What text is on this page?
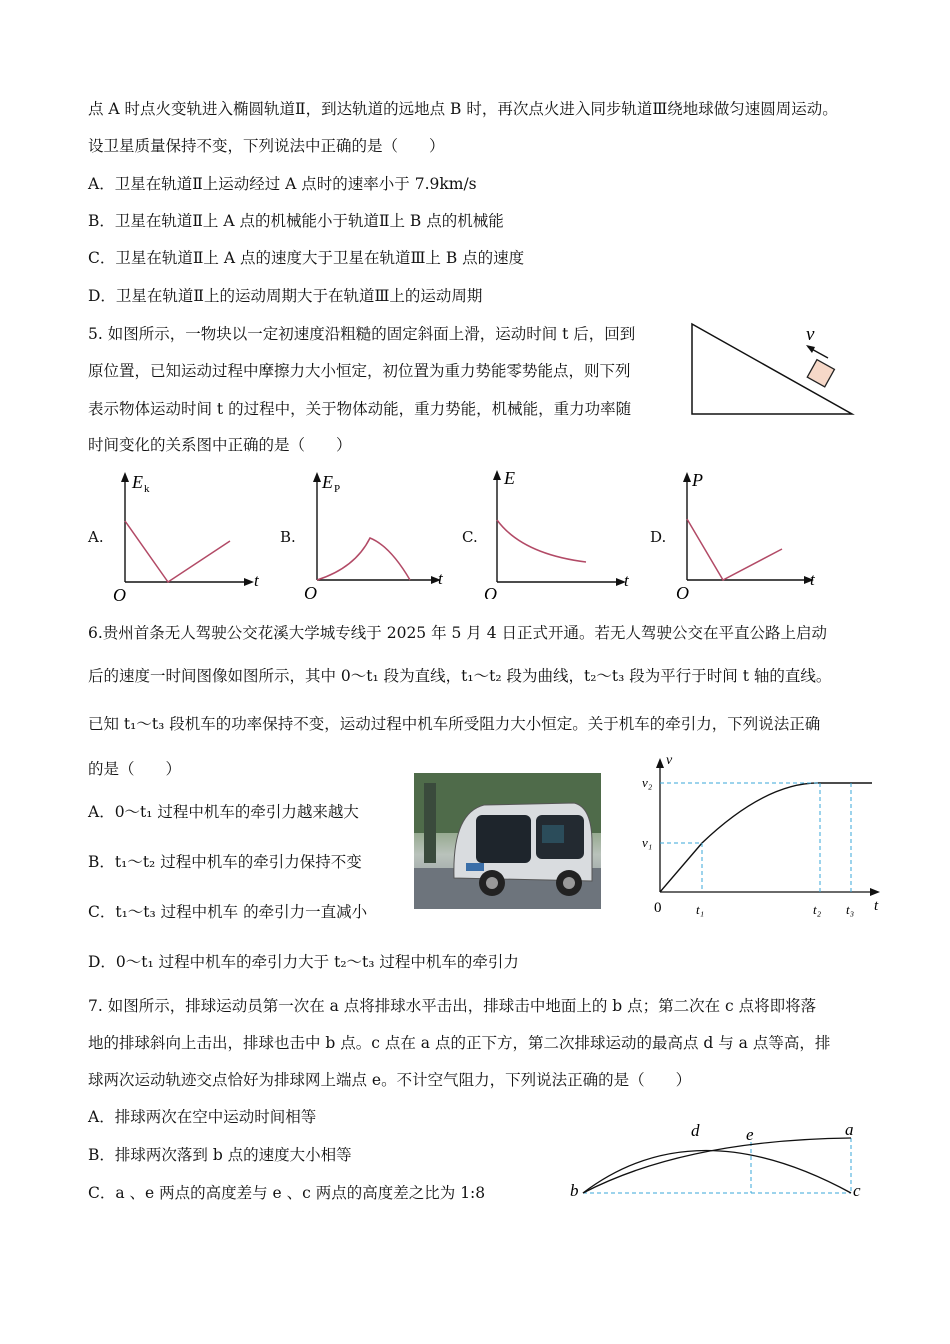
点 A 时点火变轨进入椭圆轨道Ⅱ，到达轨道的远地点 B 时，再次点火进入同步轨道Ⅲ绕地球做匀速圆周运动。
设卫星质量保持不变，下列说法中正确的是（　　）
A．卫星在轨道Ⅱ上运动经过 A 点时的速率小于 7.9km/s
B．卫星在轨道Ⅱ上 A 点的机械能小于轨道Ⅱ上 B 点的机械能
C．卫星在轨道Ⅱ上 A 点的速度大于卫星在轨道Ⅲ上 B 点的速度
D．卫星在轨道Ⅱ上的运动周期大于在轨道Ⅲ上的运动周期
5. 如图所示，一物块以一定初速度沿粗糙的固定斜面上滑，运动时间 t 后，回到
原位置，已知运动过程中摩擦力大小恒定，初位置为重力势能零势能点，则下列
表示物体运动时间 t 的过程中，关于物体动能，重力势能，机械能，重力功率随
时间变化的关系图中正确的是（　　）
v
A.
E k
t
O
B.
E P
t
O
C.
E
t
O
D.
P
t
O
6.贵州首条无人驾驶公交花溪大学城专线于 2025 年 5 月 4 日正式开通。若无人驾驶公交在平直公路上启动
后的速度一时间图像如图所示，其中 0～t₁ 段为直线，t₁～t₂ 段为曲线，t₂～t₃ 段为平行于时间 t 轴的直线。
已知 t₁～t₃ 段机车的功率保持不变，运动过程中机车所受阻力大小恒定。关于机车的牵引力，下列说法正确
的是（　　）
A．0～t₁ 过程中机车的牵引力越来越大
B．t₁～t₂ 过程中机车的牵引力保持不变
C．t₁～t₃ 过程中机车 的牵引力一直减小
D．0～t₁ 过程中机车的牵引力大于 t₂～t₃ 过程中机车的牵引力
v
t
0
v₂
v₁
t₁	t₂ t₃
7. 如图所示，排球运动员第一次在 a 点将排球水平击出，排球击中地面上的 b 点；第二次在 c 点将即将落
地的排球斜向上击出，排球也击中 b 点。c 点在 a 点的正下方，第二次排球运动的最高点 d 与 a 点等高，排
球两次运动轨迹交点恰好为排球网上端点 e。不计空气阻力，下列说法正确的是（　　）
A．排球两次在空中运动时间相等
B．排球两次落到 b 点的速度大小相等
C．a 、e 两点的高度差与 e 、c 两点的高度差之比为 1:8
d	e	a
b	c
